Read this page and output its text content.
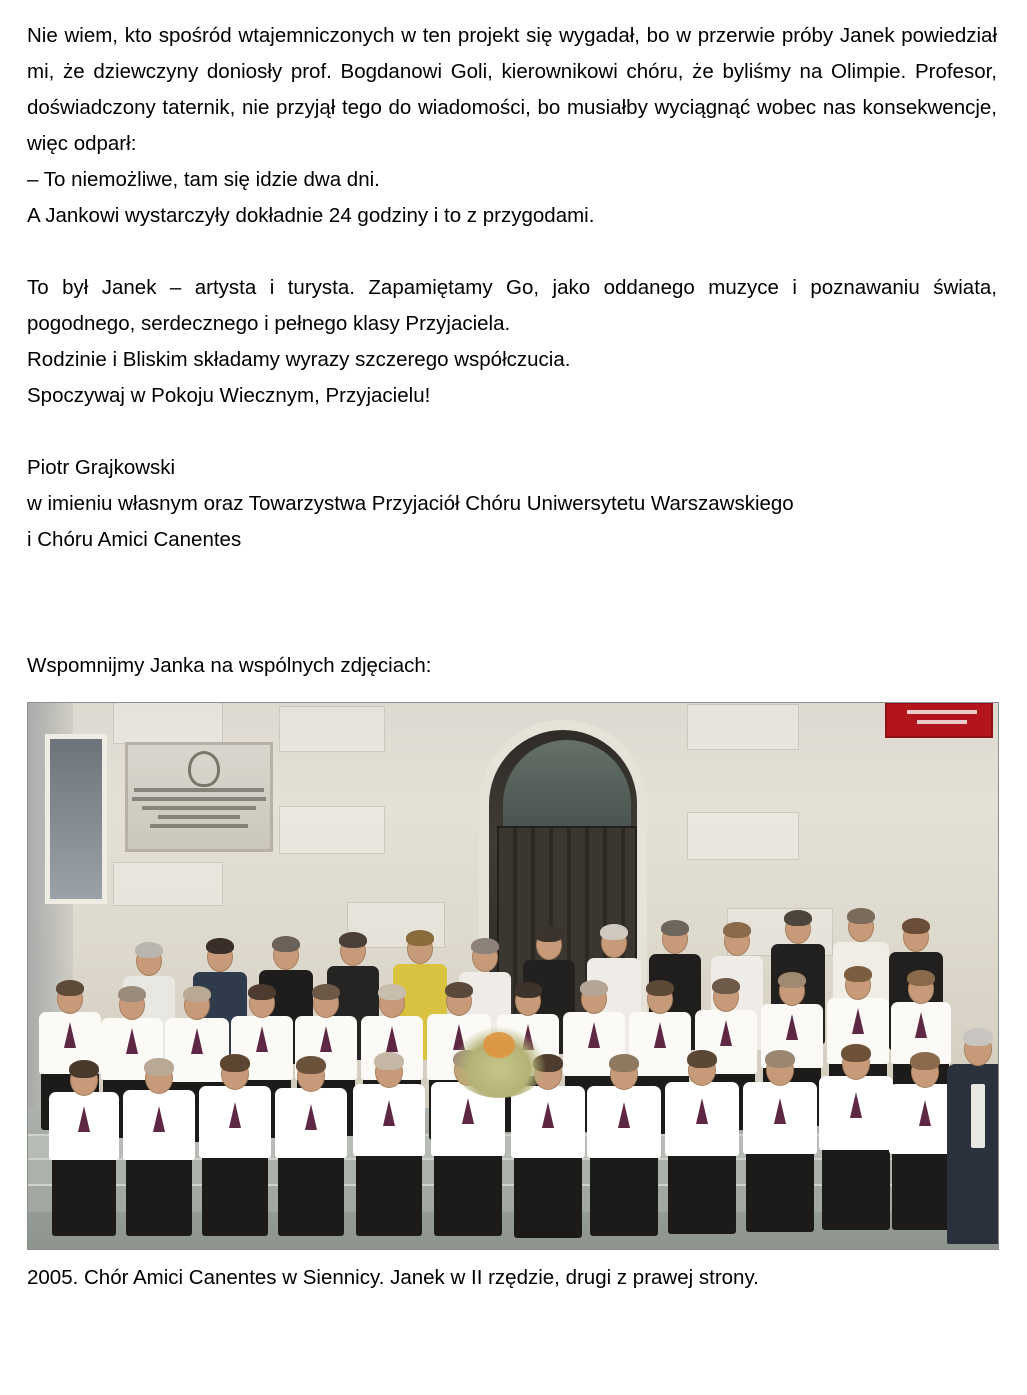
Nie wiem, kto spośród wtajemniczonych w ten projekt się wygadał, bo w przerwie próby Janek powiedział mi, że dziewczyny doniosły prof. Bogdanowi Goli, kierownikowi chóru, że byliśmy na Olimpie. Profesor, doświadczony taternik, nie przyjął tego do wiadomości, bo musiałby wyciągnąć wobec nas konsekwencje, więc odparł:

– To niemożliwe, tam się idzie dwa dni.

A Jankowi wystarczyły dokładnie 24 godziny i to z przygodami.

To był Janek – artysta i turysta. Zapamiętamy Go, jako oddanego muzyce i poznawaniu świata, pogodnego, serdecznego i pełnego klasy Przyjaciela.

Rodzinie i Bliskim składamy wyrazy szczerego współczucia.

Spoczywaj w Pokoju Wiecznym, Przyjacielu!

Piotr Grajkowski

w imieniu własnym oraz Towarzystwa Przyjaciół Chóru Uniwersytetu Warszawskiego

i Chóru Amici Canentes

Wspomnijmy Janka na wspólnych zdjęciach:

2005. Chór Amici Canentes w Siennicy. Janek w II rzędzie, drugi z prawej strony.
